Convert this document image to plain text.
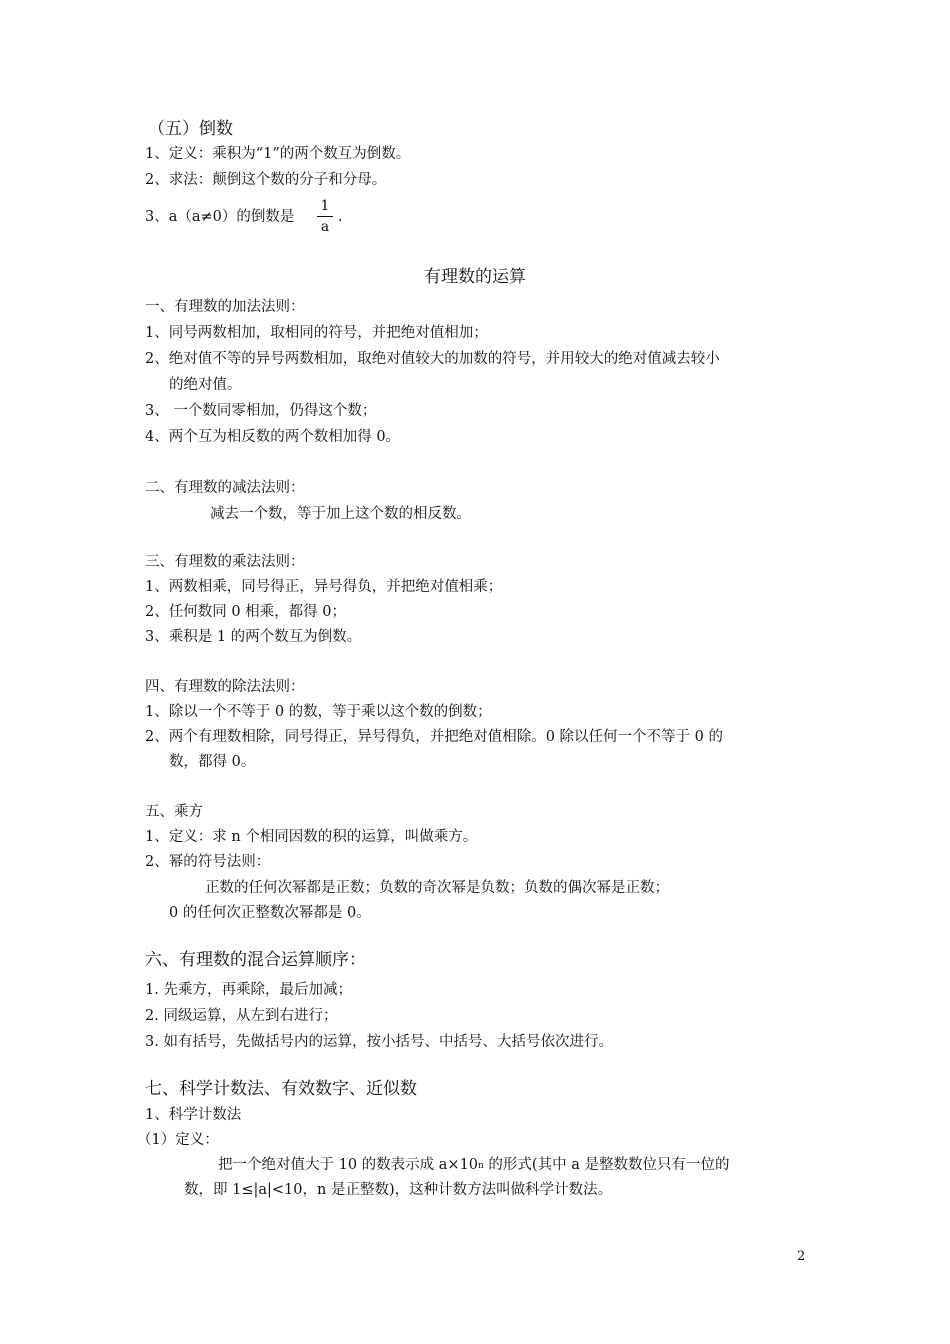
（五）倒数
1、定义：乘积为“1”的两个数互为倒数。
2、求法：颠倒这个数的分子和分母。
3、a（a≠0）的倒数是
1
a
.
有理数的运算
一、有理数的加法法则：
1、同号两数相加，取相同的符号，并把绝对值相加；
2、绝对值不等的异号两数相加，取绝对值较大的加数的符号，并用较大的绝对值减去较小
的绝对值。
3、 一个数同零相加，仍得这个数；
4、两个互为相反数的两个数相加得 0。
二、有理数的减法法则：
减去一个数，等于加上这个数的相反数。
三、有理数的乘法法则：
1、两数相乘，同号得正，异号得负，并把绝对值相乘；
2、任何数同 0 相乘，都得 0；
3、乘积是 1 的两个数互为倒数。
四、有理数的除法法则：
1、除以一个不等于 0 的数，等于乘以这个数的倒数；
2、两个有理数相除，同号得正，异号得负，并把绝对值相除。0 除以任何一个不等于 0 的
数，都得 0。
五、乘方
1、定义：求 n 个相同因数的积的运算，叫做乘方。
2、幂的符号法则：
正数的任何次幂都是正数；负数的奇次幂是负数；负数的偶次幂是正数；
0 的任何次正整数次幂都是 0。
六、有理数的混合运算顺序：
1. 先乘方，再乘除，最后加减；
2. 同级运算，从左到右进行；
3. 如有括号，先做括号内的运算，按小括号、中括号、大括号依次进行。
七、科学计数法、有效数字、近似数
1、科学计数法
（1）定义：
把一个绝对值大于 10 的数表示成 a×10n 的形式(其中 a 是整数数位只有一位的
数，即 1≤|a|<10，n 是正整数)，这种计数方法叫做科学计数法。
2
